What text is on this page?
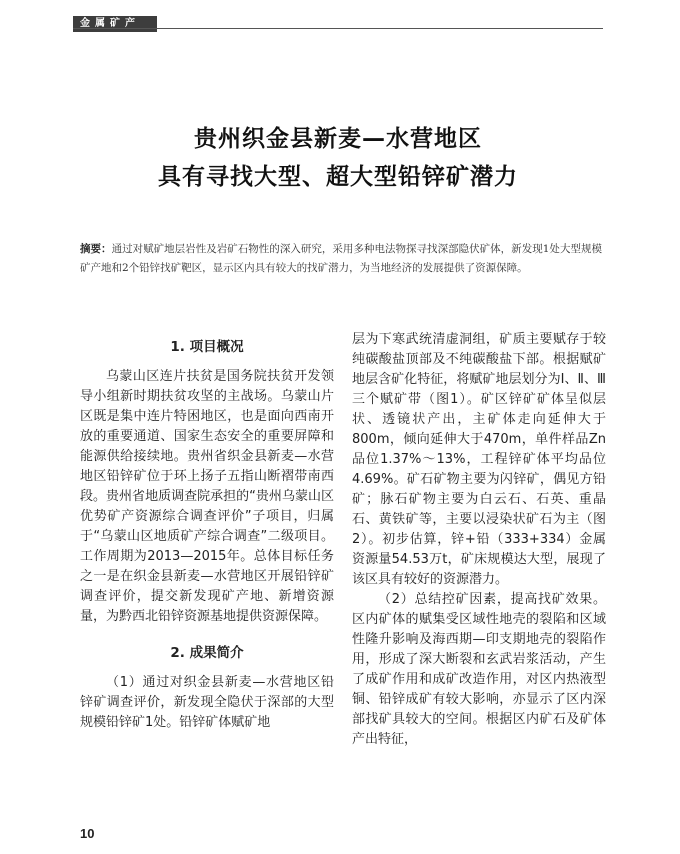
金属矿产
贵州织金县新麦—水营地区
具有寻找大型、超大型铅锌矿潜力
摘要：通过对赋矿地层岩性及岩矿石物性的深入研究，采用多种电法物探寻找深部隐伏矿体，新发现1处大型规模矿产地和2个铅锌找矿靶区，显示区内具有较大的找矿潜力，为当地经济的发展提供了资源保障。
1. 项目概况

乌蒙山区连片扶贫是国务院扶贫开发领导小组新时期扶贫攻坚的主战场。乌蒙山片区既是集中连片特困地区，也是面向西南开放的重要通道、国家生态安全的重要屏障和能源供给接续地。贵州省织金县新麦—水营地区铅锌矿位于环上扬子五指山断褶带南西段。贵州省地质调查院承担的“贵州乌蒙山区优势矿产资源综合调查评价”子项目，归属于“乌蒙山区地质矿产综合调查”二级项目。工作周期为2013—2015年。总体目标任务之一是在织金县新麦—水营地区开展铅锌矿调查评价，提交新发现矿产地、新增资源量，为黔西北铅锌资源基地提供资源保障。

2. 成果简介

（1）通过对织金县新麦—水营地区铅锌矿调查评价，新发现全隐伏于深部的大型规模铅锌矿1处。铅锌矿体赋矿地

层为下寒武统清虚洞组，矿质主要赋存于较纯碳酸盐顶部及不纯碳酸盐下部。根据赋矿地层含矿化特征，将赋矿地层划分为Ⅰ、Ⅱ、Ⅲ三个赋矿带（图1）。矿区锌矿矿体呈似层状、透镜状产出，主矿体走向延伸大于800m，倾向延伸大于470m，单件样品Zn品位1.37%～13%，工程锌矿体平均品位4.69%。矿石矿物主要为闪锌矿，偶见方铅矿；脉石矿物主要为白云石、石英、重晶石、黄铁矿等，主要以浸染状矿石为主（图2）。初步估算，锌+铅（333+334）金属资源量54.53万t，矿床规模达大型，展现了该区具有较好的资源潜力。

（2）总结控矿因素，提高找矿效果。区内矿体的赋集受区域性地壳的裂陷和区域性隆升影响及海西期—印支期地壳的裂陷作用，形成了深大断裂和玄武岩浆活动，产生了成矿作用和成矿改造作用，对区内热液型铜、铅锌成矿有较大影响，亦显示了区内深部找矿具较大的空间。根据区内矿石及矿体产出特征，

10
